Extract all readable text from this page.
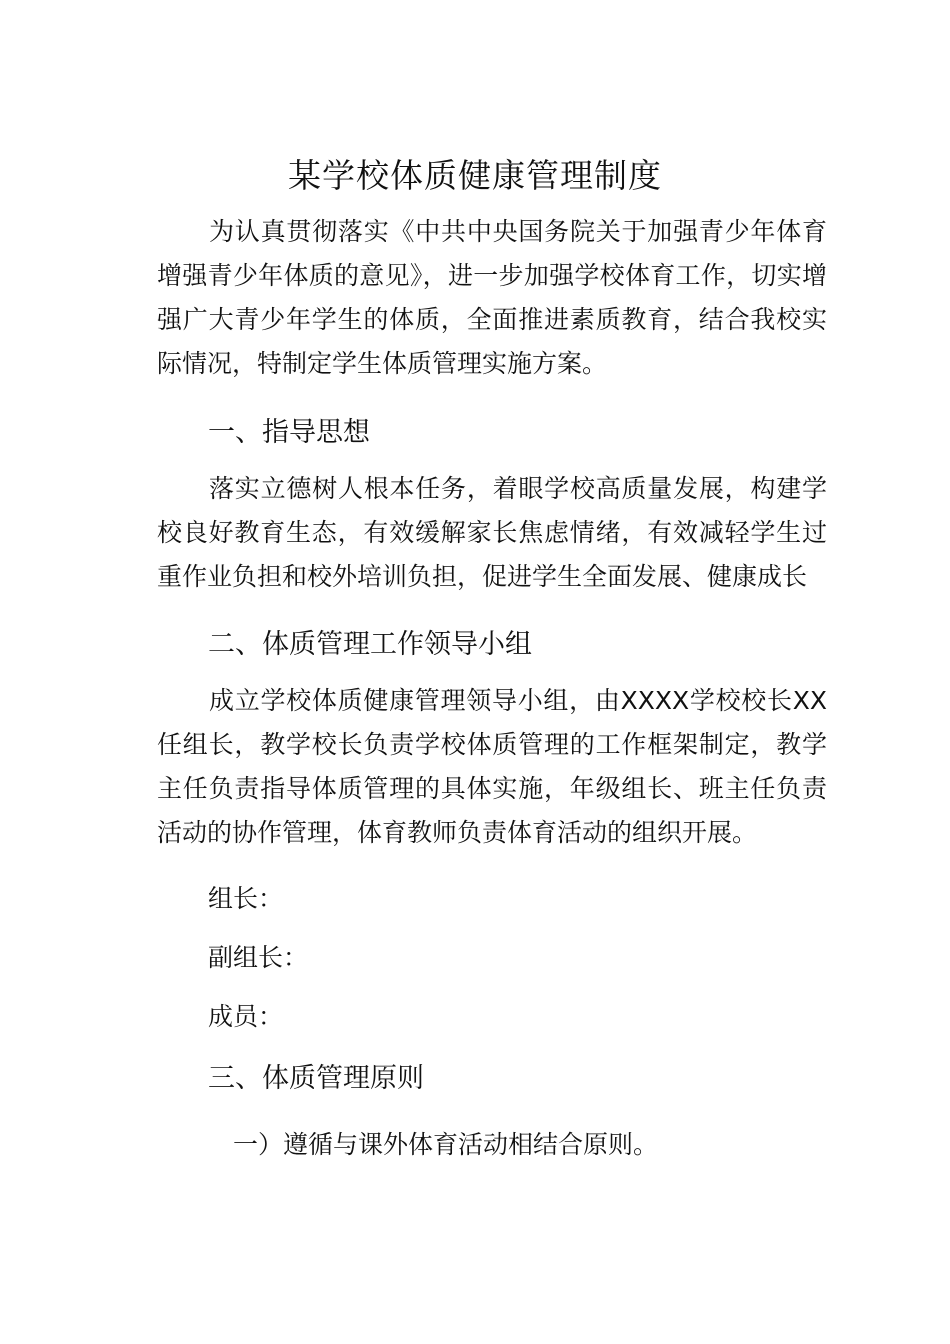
某学校体质健康管理制度

为认真贯彻落实《中共中央国务院关于加强青少年体育增强青少年体质的意见》，进一步加强学校体育工作，切实增强广大青少年学生的体质，全面推进素质教育，结合我校实际情况，特制定学生体质管理实施方案。

一、指导思想

落实立德树人根本任务，着眼学校高质量发展，构建学校良好教育生态，有效缓解家长焦虑情绪，有效减轻学生过重作业负担和校外培训负担，促进学生全面发展、健康成长

二、体质管理工作领导小组

成立学校体质健康管理领导小组，由XXXX学校校长XX任组长，教学校长负责学校体质管理的工作框架制定，教学主任负责指导体质管理的具体实施，年级组长、班主任负责活动的协作管理，体育教师负责体育活动的组织开展。

组长：
副组长：
成员：
三、体质管理原则
一）遵循与课外体育活动相结合原则。
